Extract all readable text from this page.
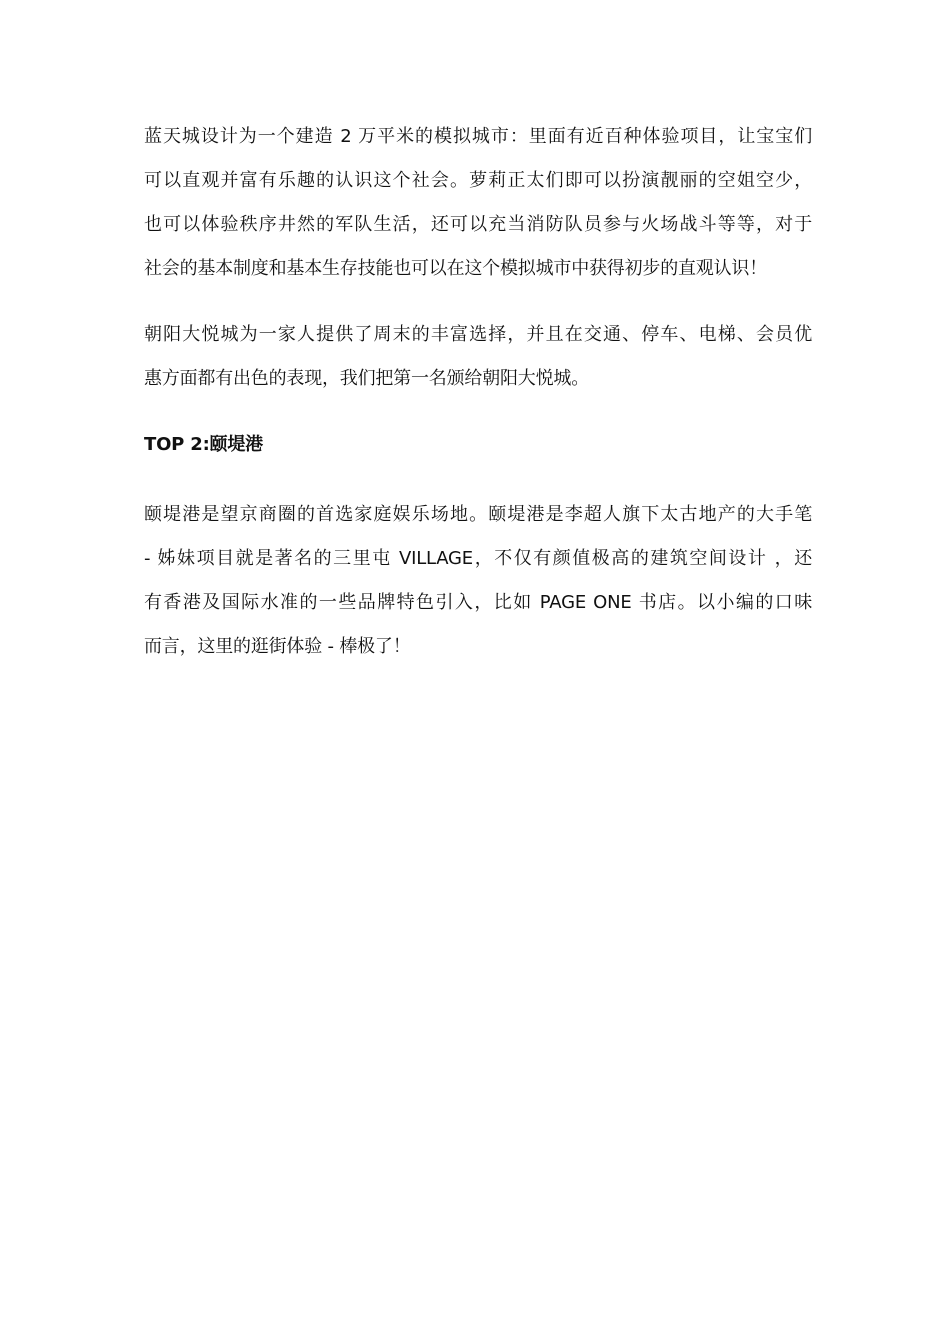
蓝天城设计为一个建造 2 万平米的模拟城市：里面有近百种体验项目，让宝宝们
可以直观并富有乐趣的认识这个社会。萝莉正太们即可以扮演靓丽的空姐空少，
也可以体验秩序井然的军队生活，还可以充当消防队员参与火场战斗等等，对于
社会的基本制度和基本生存技能也可以在这个模拟城市中获得初步的直观认识！
朝阳大悦城为一家人提供了周末的丰富选择，并且在交通、停车、电梯、会员优
惠方面都有出色的表现，我们把第一名颁给朝阳大悦城。
TOP 2:颐堤港
颐堤港是望京商圈的首选家庭娱乐场地。颐堤港是李超人旗下太古地产的大手笔
- 姊妹项目就是著名的三里屯 VILLAGE，不仅有颜值极高的建筑空间设计 ，还
有香港及国际水准的一些品牌特色引入，比如 PAGE ONE 书店。以小编的口味
而言，这里的逛街体验 - 棒极了！
